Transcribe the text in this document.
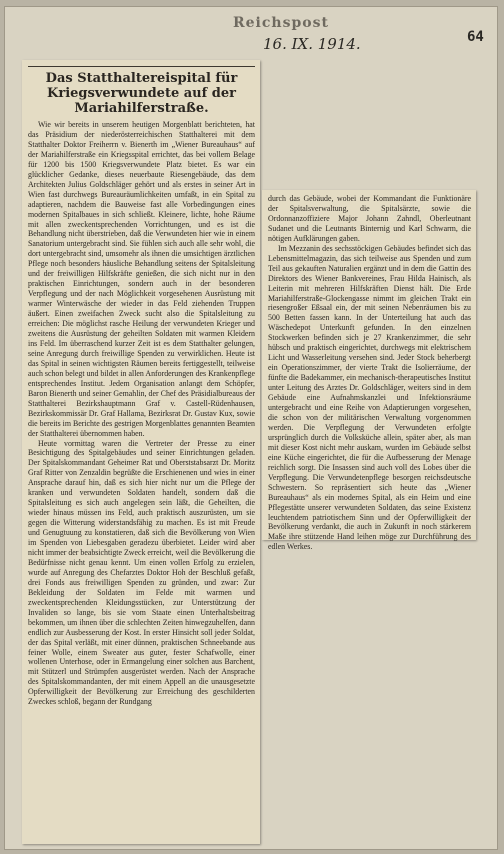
Reichspost
16. IX. 1914.	64
Das Statthaltereispital für Kriegsverwundete auf der Mariahilferstraße.

Wie wir bereits in unserem heutigen Morgenblatt berichteten, hat das Präsidium der niederösterreichischen Statthalterei mit dem Statthalter Doktor Freiherrn v. Bienerth im „Wiener Bureauhaus“ auf der Mariahilferstraße ein Kriegsspital errichtet, das bei vollem Belage für 1200 bis 1500 Kriegsverwundete Platz bietet. Es war ein glücklicher Gedanke, dieses neuerbaute Riesengebäude, das dem Architekten Julius Goldschläger gehört und als erstes in seiner Art in Wien fast durchwegs Bureauräumlichkeiten umfaßt, in ein Spital zu adaptieren, nachdem die Bauweise fast alle Vorbedingungen eines modernen Spitalbaues in sich schließt. Kleinere, lichte, hohe Räume mit allen zweckentsprechenden Vorrichtungen, und es ist die Behandlung nicht überstrieben, daß die Verwundeten hier wie in einem Sanatorium untergebracht sind. Sie fühlen sich auch alle sehr wohl, die dort untergebracht sind, umsomehr als ihnen die umsichtigen ärztlichen Pflege noch besonders häusliche Behandlung seitens der Spitalsleitung und der freiwilligen Hilfskräfte genießen, die sich nicht nur in den praktischen Einrichtungen, sondern auch in der besonderen Verpflegung und der nach Möglichkeit vorgesehenen Ausrüstung mit warmer Winterwäsche der wieder in das Feld ziehenden Truppen äußert. Einen zweifachen Zweck sucht also die Spitalsleitung zu erreichen: Die möglichst rasche Heilung der verwundeten Krieger und zweitens die Ausrüstung der geheilten Soldaten mit warmen Kleidern ins Feld. Im überraschend kurzer Zeit ist es dem Statthalter gelungen, seine Anregung durch freiwillige Spenden zu verwirklichen. Heute ist das Spital in seinen wichtigsten Räumen bereits fertiggestellt, teilweise auch schon belegt und bildet in allen Anforderungen des Krankenpflege entsprechendes Institut. Jedem Organisation anlangt dem Schöpfer, Baron Bienerth und seiner Gemahlin, der Chef des Präsidialbureaus der Statthalterei Bezirkshauptmann Graf v. Castell-Rüdenhausen, Bezirkskommissär Dr. Graf Hallama, Bezirksrat Dr. Gustav Kux, sowie die bereits im Berichte des gestrigen Morgenblattes genannten Beamten der Statthalterei übernommen haben.

Heute vormittag waren die Vertreter der Presse zu einer Besichtigung des Spitalgebäudes und seiner Einrichtungen geladen. Der Spitalskommandant Geheimer Rat und Oberststabsarzt Dr. Moritz Graf Ritter von Zenzaldin begrüßte die Erschienenen und wies in einer Ansprache darauf hin, daß es sich hier nicht nur um die Pflege der kranken und verwundeten Soldaten handelt, sondern daß die Spitalsleitung es sich auch angelegen sein läßt, die Geheilten, die wieder hinaus müssen ins Feld, auch praktisch auszurüsten, um sie gegen die Witterung widerstandsfähig zu machen. Es ist mit Freude und Genugtuung zu konstatieren, daß sich die Bevölkerung von Wien im Spenden von Liebesgaben geradezu überbietet. Leider wird aber nicht immer der beabsichtigte Zweck erreicht, weil die Bevölkerung die Bedürfnisse nicht genau kennt. Um einen vollen Erfolg zu erzielen, wurde auf Anregung des Chefarztes Doktor Hoh der Beschluß gefaßt, drei Fonds aus freiwilligen Spenden zu gründen, und zwar: Zur Bekleidung der Soldaten im Felde mit warmen und zweckentsprechenden Kleidungsstücken, zur Unterstützung der Invaliden so lange, bis sie vom Staate einen Unterhaltsbeitrag bekommen, um ihnen über die schlechten Zeiten hinwegzuhelfen, dann endlich zur Ausbesserung der Kost. In erster Hinsicht soll jeder Soldat, der das Spital verläßt, mit einer dünnen, praktischen Schneebande aus feiner Wolle, einem Sweater aus guter, fester Schafwolle, einer wollenen Unterhose, oder in Ermangelung einer solchen aus Barchent, mit Stützerl und Strümpfen ausgerüstet werden. Nach der Ansprache des Spitalskommandanten, der mit einem Appell an die unausgesetzte Opferwilligkeit der Bevölkerung zur Erreichung des geschilderten Zweckes schloß, begann der Rundgang

durch das Gebäude, wobei der Kommandant die Funktionäre der Spitalsverwaltung, die Spitalsärzte, sowie die Ordonnanzoffiziere Major Johann Zahndl, Oberleutnant Sudanet und die Leutnants Binternig und Karl Schwarm, die nötigen Aufklärungen gaben.

Im Mezzanin des sechsstöckigen Gebäudes befindet sich das Lebensmittelmagazin, das sich teilweise aus Spenden und zum Teil aus gekauften Naturalien ergänzt und in dem die Gattin des Direktors des Wiener Bankvereines, Frau Hilda Hainisch, als Leiterin mit mehreren Hilfskräften Dienst hält. Die Erde Mariahilferstraße-Glockengasse nimmt im gleichen Trakt ein riesengroßer Eßsaal ein, der mit seinen Nebenräumen bis zu 500 Betten fassen kann. In der Unterteilung hat auch das Wäschedepot Unterkunft gefunden. In den einzelnen Stockwerken befinden sich je 27 Krankenzimmer, die sehr hübsch und praktisch eingerichtet, durchwegs mit elektrischem Licht und Wasserleitung versehen sind. Jeder Stock beherbergt ein Operationszimmer, der vierte Trakt die Isolierräume, der fünfte die Badekammer, ein mechanisch-therapeutisches Institut unter Leitung des Arztes Dr. Goldschläger, weiters sind in dem Gebäude eine Aufnahmskanzlei und Infektionsräume untergebracht und eine Reihe von Adaptierungen vorgesehen, die schon von der militärischen Verwaltung vorgenommen werden. Die Verpflegung der Verwundeten erfolgte ursprünglich durch die Volksküche allein, später aber, als man mit dieser Kost nicht mehr auskam, wurden im Gebäude selbst eine Küche eingerichtet, die für die Aufbesserung der Menage reichlich sorgt. Die Insassen sind auch voll des Lobes über die Verpflegung. Die Verwundetenpflege besorgen reichsdeutsche Schwestern. So repräsentiert sich heute das „Wiener Bureauhaus“ als ein modernes Spital, als ein Heim und eine Pflegestätte unserer verwundeten Soldaten, das seine Existenz leuchtendem patriotischem Sinn und der Opferwilligkeit der Bevölkerung verdankt, die auch in Zukunft in noch stärkerem Maße ihre stützende Hand leihen möge zur Durchführung des edlen Werkes.
